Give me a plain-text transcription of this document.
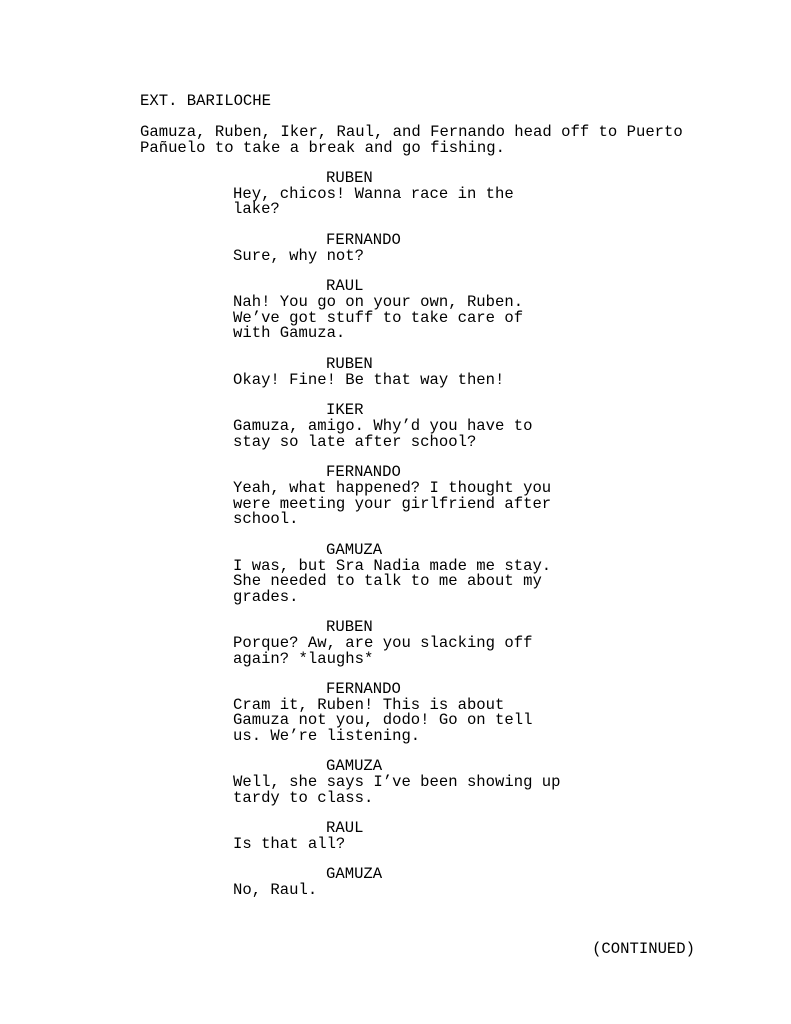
EXT. BARILOCHE
Gamuza, Ruben, Iker, Raul, and Fernando head off to Puerto
Pañuelo to take a break and go fishing.
RUBEN
Hey, chicos! Wanna race in the
lake?
FERNANDO
Sure, why not?
RAUL
Nah! You go on your own, Ruben.
We’ve got stuff to take care of
with Gamuza.
RUBEN
Okay! Fine! Be that way then!
IKER
Gamuza, amigo. Why’d you have to
stay so late after school?
FERNANDO
Yeah, what happened? I thought you
were meeting your girlfriend after
school.
GAMUZA
I was, but Sra Nadia made me stay.
She needed to talk to me about my
grades.
RUBEN
Porque? Aw, are you slacking off
again? *laughs*
FERNANDO
Cram it, Ruben! This is about
Gamuza not you, dodo! Go on tell
us. We’re listening.
GAMUZA
Well, she says I’ve been showing up
tardy to class.
RAUL
Is that all?
GAMUZA
No, Raul.
(CONTINUED)
